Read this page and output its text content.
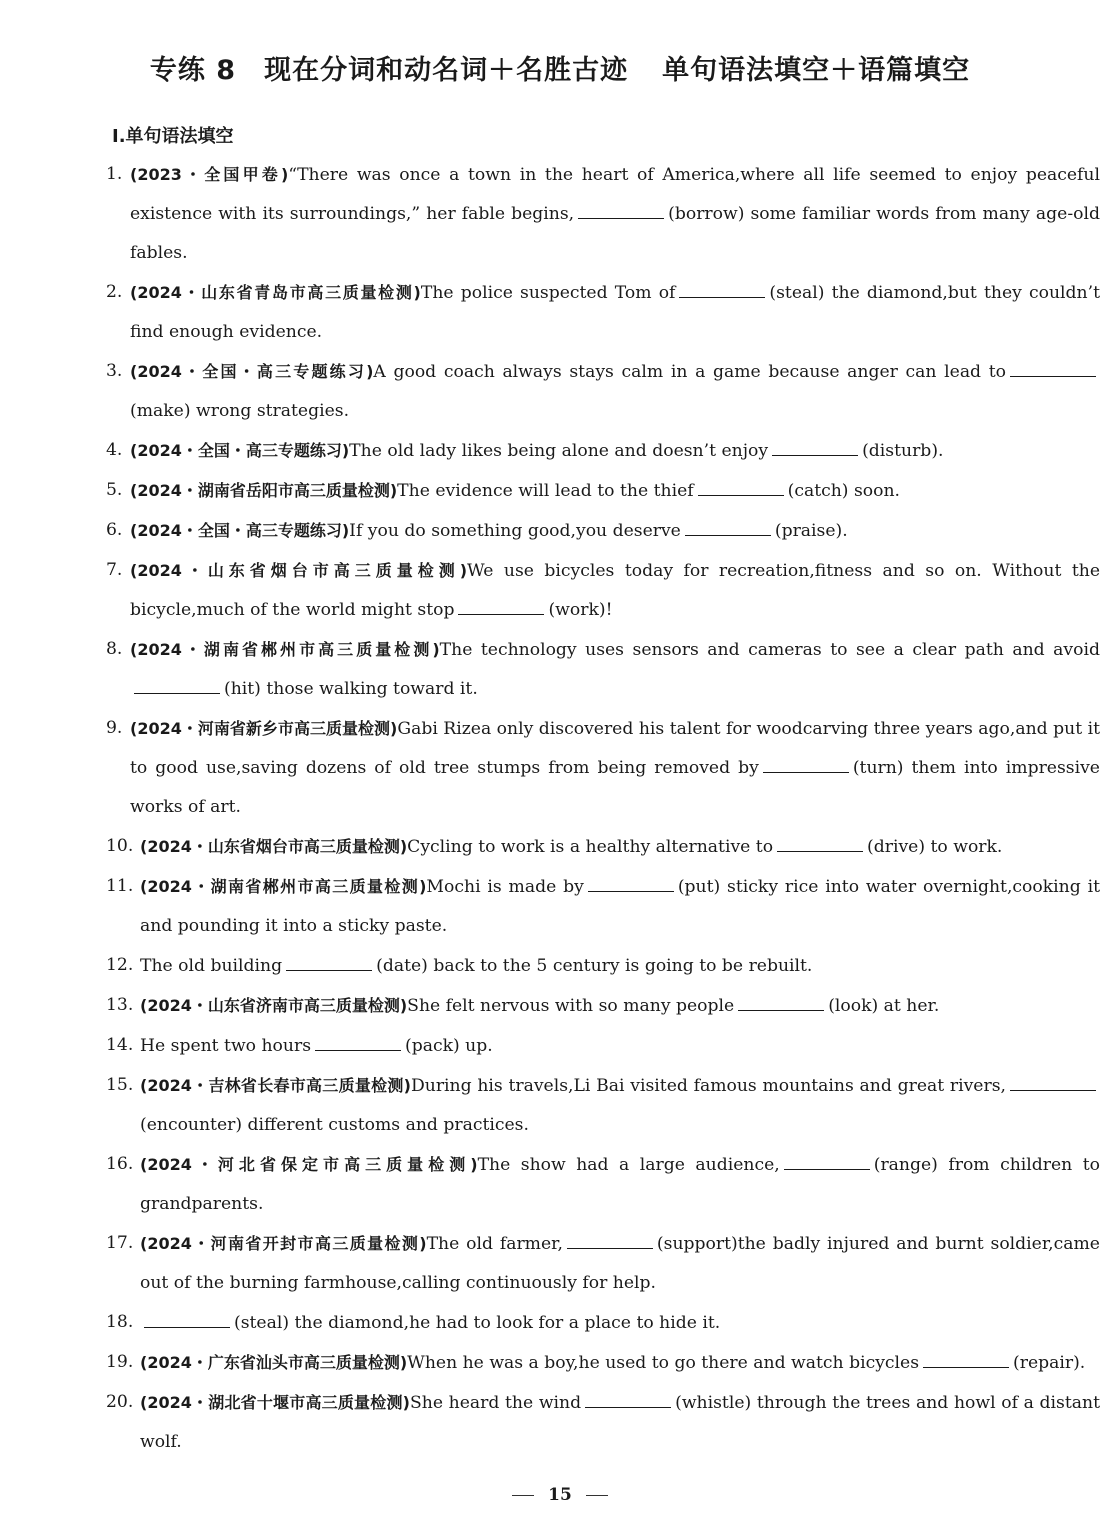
专练 8　现在分词和动名词＋名胜古迹 单句语法填空＋语篇填空
Ⅰ.单句语法填空
1. (2023・全国甲卷)“There was once a town in the heart of America,where all life seemed to enjoy peaceful existence with its surroundings,” her fable begins,	(borrow) some familiar words from many age-old fables.
2. (2024・山东省青岛市高三质量检测)The police suspected Tom of	(steal) the diamond,but they couldn’t find enough evidence.
3. (2024・全国・高三专题练习)A good coach always stays calm in a game because anger can lead to(make) wrong strategies.
4. (2024・全国・高三专题练习)The old lady likes being alone and doesn’t enjoy	(disturb).
5. (2024・湖南省岳阳市高三质量检测)The evidence will lead to the thief	(catch) soon.
6. (2024・全国・高三专题练习)If you do something good,you deserve	(praise).
7. (2024・山东省烟台市高三质量检测)We use bicycles today for recreation,fitness and so on. Without the bicycle,much of the world might stop	(work)!
8. (2024・湖南省郴州市高三质量检测)The technology uses sensors and cameras to see a clear path and avoid(hit) those walking toward it.
9. (2024・河南省新乡市高三质量检测)Gabi Rizea only discovered his talent for woodcarving three years ago,and put it to good use,saving dozens of old tree stumps from being removed by	(turn) them into impressive works of art.
10. (2024・山东省烟台市高三质量检测)Cycling to work is a healthy alternative to	(drive) to work.
11. (2024・湖南省郴州市高三质量检测)Mochi is made by	(put) sticky rice into water overnight,cooking it and pounding it into a sticky paste.
12. The old building	(date) back to the 5 century is going to be rebuilt.
13. (2024・山东省济南市高三质量检测)She felt nervous with so many people	(look) at her.
14. He spent two hours	(pack) up.
15. (2024・吉林省长春市高三质量检测)During his travels,Li Bai visited famous mountains and great rivers,(encounter) different customs and practices.
16. (2024・河北省保定市高三质量检测)The show had a large audience,	(range) from children to grandparents.
17. (2024・河南省开封市高三质量检测)The old farmer,	(support)the badly injured and burnt soldier,came out of the burning farmhouse,calling continuously for help.
18.	(steal) the diamond,he had to look for a place to hide it.
19. (2024・广东省汕头市高三质量检测)When he was a boy,he used to go there and watch bicycles	(repair).
20. (2024・湖北省十堰市高三质量检测)She heard the wind	(whistle) through the trees and howl of a distant wolf.
15
